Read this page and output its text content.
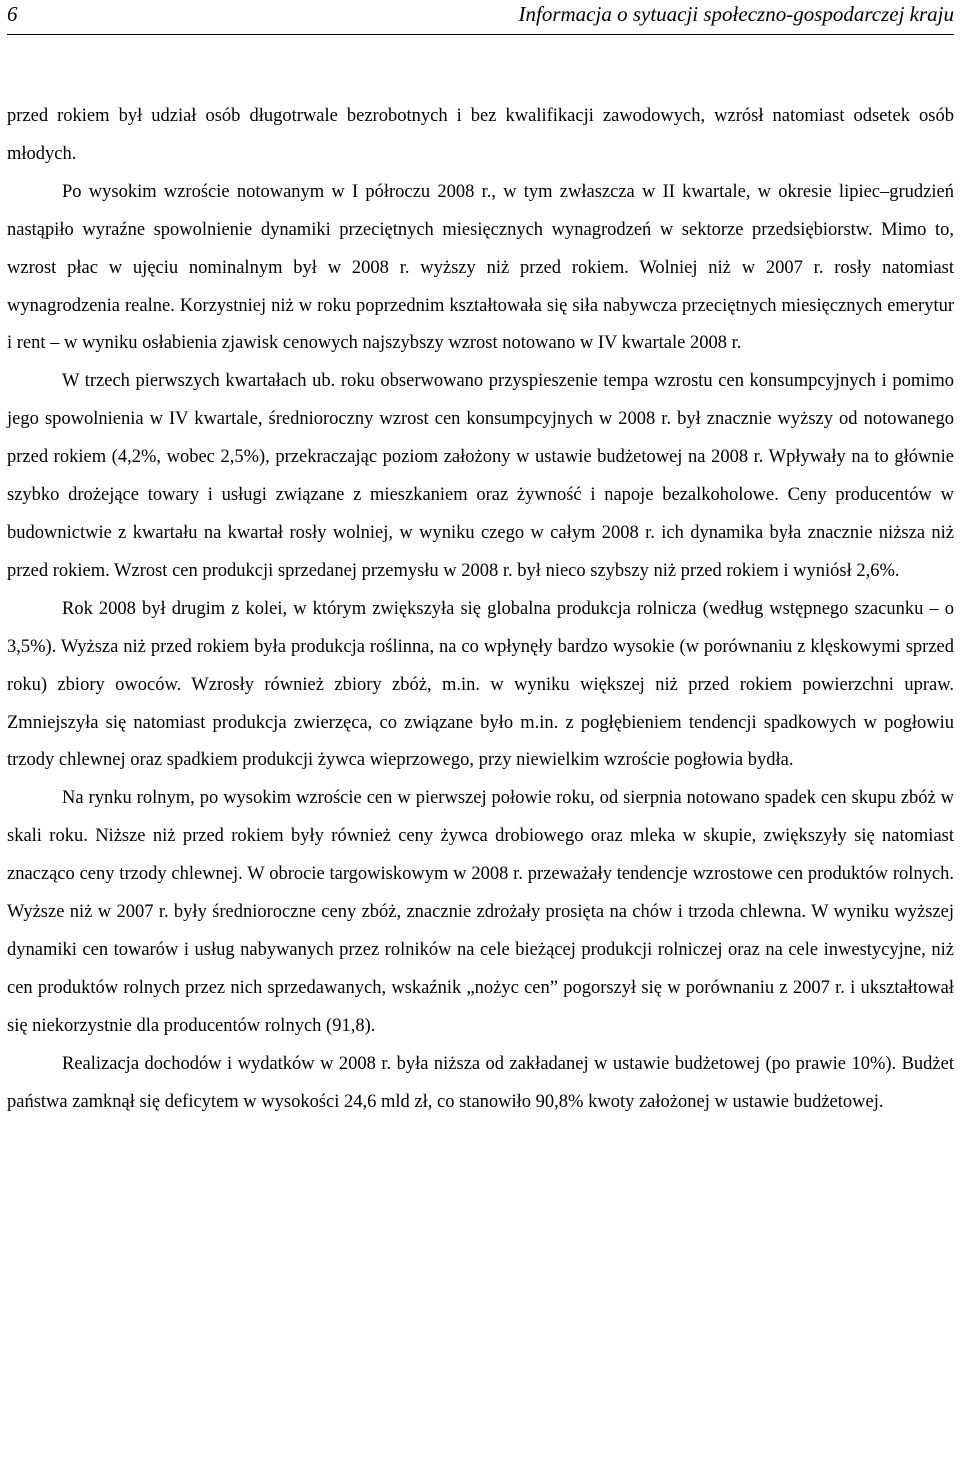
6	Informacja o sytuacji społeczno-gospodarczej kraju

przed rokiem był udział osób długotrwale bezrobotnych i bez kwalifikacji zawodowych, wzrósł natomiast odsetek osób młodych.

Po wysokim wzroście notowanym w I półroczu 2008 r., w tym zwłaszcza w II kwartale, w okresie lipiec–grudzień nastąpiło wyraźne spowolnienie dynamiki przeciętnych miesięcznych wynagrodzeń w sektorze przedsiębiorstw. Mimo to, wzrost płac w ujęciu nominalnym był w 2008 r. wyższy niż przed rokiem. Wolniej niż w 2007 r. rosły natomiast wynagrodzenia realne. Korzystniej niż w roku poprzednim kształtowała się siła nabywcza przeciętnych miesięcznych emerytur i rent – w wyniku osłabienia zjawisk cenowych najszybszy wzrost notowano w IV kwartale 2008 r.

W trzech pierwszych kwartałach ub. roku obserwowano przyspieszenie tempa wzrostu cen konsumpcyjnych i pomimo jego spowolnienia w IV kwartale, średnioroczny wzrost cen konsumpcyjnych w 2008 r. był znacznie wyższy od notowanego przed rokiem (4,2%, wobec 2,5%), przekraczając poziom założony w ustawie budżetowej na 2008 r. Wpływały na to głównie szybko drożejące towary i usługi związane z mieszkaniem oraz żywność i napoje bezalkoholowe. Ceny producentów w budownictwie z kwartału na kwartał rosły wolniej, w wyniku czego w całym 2008 r. ich dynamika była znacznie niższa niż przed rokiem. Wzrost cen produkcji sprzedanej przemysłu w 2008 r. był nieco szybszy niż przed rokiem i wyniósł 2,6%.

Rok 2008 był drugim z kolei, w którym zwiększyła się globalna produkcja rolnicza (według wstępnego szacunku – o 3,5%). Wyższa niż przed rokiem była produkcja roślinna, na co wpłynęły bardzo wysokie (w porównaniu z klęskowymi sprzed roku) zbiory owoców. Wzrosły również zbiory zbóż, m.in. w wyniku większej niż przed rokiem powierzchni upraw. Zmniejszyła się natomiast produkcja zwierzęca, co związane było m.in. z pogłębieniem tendencji spadkowych w pogłowiu trzody chlewnej oraz spadkiem produkcji żywca wieprzowego, przy niewielkim wzroście pogłowia bydła.

Na rynku rolnym, po wysokim wzroście cen w pierwszej połowie roku, od sierpnia notowano spadek cen skupu zbóż w skali roku. Niższe niż przed rokiem były również ceny żywca drobiowego oraz mleka w skupie, zwiększyły się natomiast znacząco ceny trzody chlewnej. W obrocie targowiskowym w 2008 r. przeważały tendencje wzrostowe cen produktów rolnych. Wyższe niż w 2007 r. były średnioroczne ceny zbóż, znacznie zdrożały prosięta na chów i trzoda chlewna. W wyniku wyższej dynamiki cen towarów i usług nabywanych przez rolników na cele bieżącej produkcji rolniczej oraz na cele inwestycyjne, niż cen produktów rolnych przez nich sprzedawanych, wskaźnik „nożyc cen” pogorszył się w porównaniu z 2007 r. i ukształtował się niekorzystnie dla producentów rolnych (91,8).

Realizacja dochodów i wydatków w 2008 r. była niższa od zakładanej w ustawie budżetowej (po prawie 10%). Budżet państwa zamknął się deficytem w wysokości 24,6 mld zł, co stanowiło 90,8% kwoty założonej w ustawie budżetowej.
